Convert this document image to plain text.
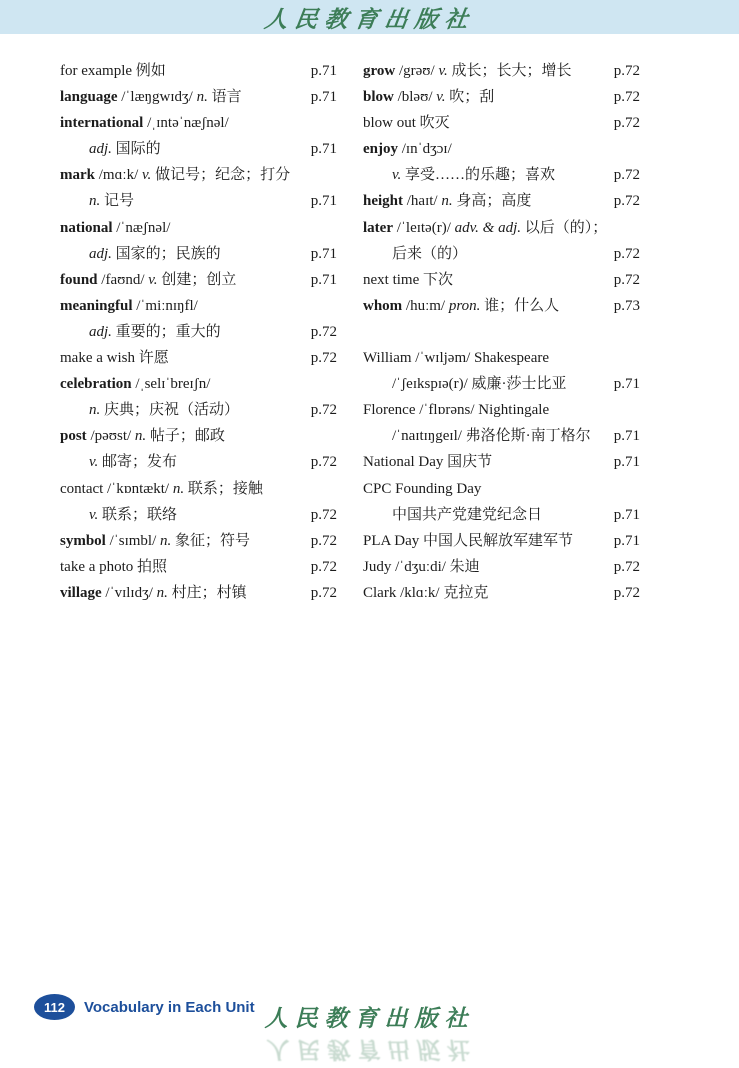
人民教育出版社
for example 例如	p.71
language /ˈlæŋgwɪdʒ/ n. 语言	p.71
international /ˌɪntəˈnæʃnəl/
adj. 国际的	p.71
mark /mɑːk/ v. 做记号；纪念；打分
n. 记号	p.71
national /ˈnæʃnəl/
adj. 国家的；民族的	p.71
found /faʊnd/ v. 创建；创立	p.71
meaningful /ˈmiːnɪŋfl/
adj. 重要的；重大的	p.72
make a wish 许愿	p.72
celebration /ˌselɪˈbreɪʃn/
n. 庆典；庆祝（活动）	p.72
post /pəʊst/ n. 帖子；邮政
v. 邮寄；发布	p.72
contact /ˈkɒntækt/ n. 联系；接触
v. 联系；联络	p.72
symbol /ˈsɪmbl/ n. 象征；符号	p.72
take a photo 拍照	p.72
village /ˈvɪlɪdʒ/ n. 村庄；村镇	p.72
grow /grəʊ/ v. 成长；长大；增长	p.72
blow /bləʊ/ v. 吹；刮	p.72
blow out 吹灭	p.72
enjoy /ɪnˈdʒɔɪ/
v. 享受……的乐趣；喜欢	p.72
height /haɪt/ n. 身高；高度	p.72
later /ˈleɪtə(r)/ adv. & adj. 以后（的）；
后来（的）	p.72
next time 下次	p.72
whom /huːm/ pron. 谁；什么人	p.73
William /ˈwɪljəm/ Shakespeare
/ˈʃeɪkspɪə(r)/ 威廉·莎士比亚	p.71
Florence /ˈflɒrəns/ Nightingale
/ˈnaɪtɪŋgeɪl/ 弗洛伦斯·南丁格尔	p.71
National Day 国庆节	p.71
CPC Founding Day
中国共产党建党纪念日	p.71
PLA Day 中国人民解放军建军节	p.71
Judy /ˈdʒuːdi/ 朱迪	p.72
Clark /klɑːk/ 克拉克	p.72
112	Vocabulary in Each Unit 人民教育出版社
人民教育出版社
